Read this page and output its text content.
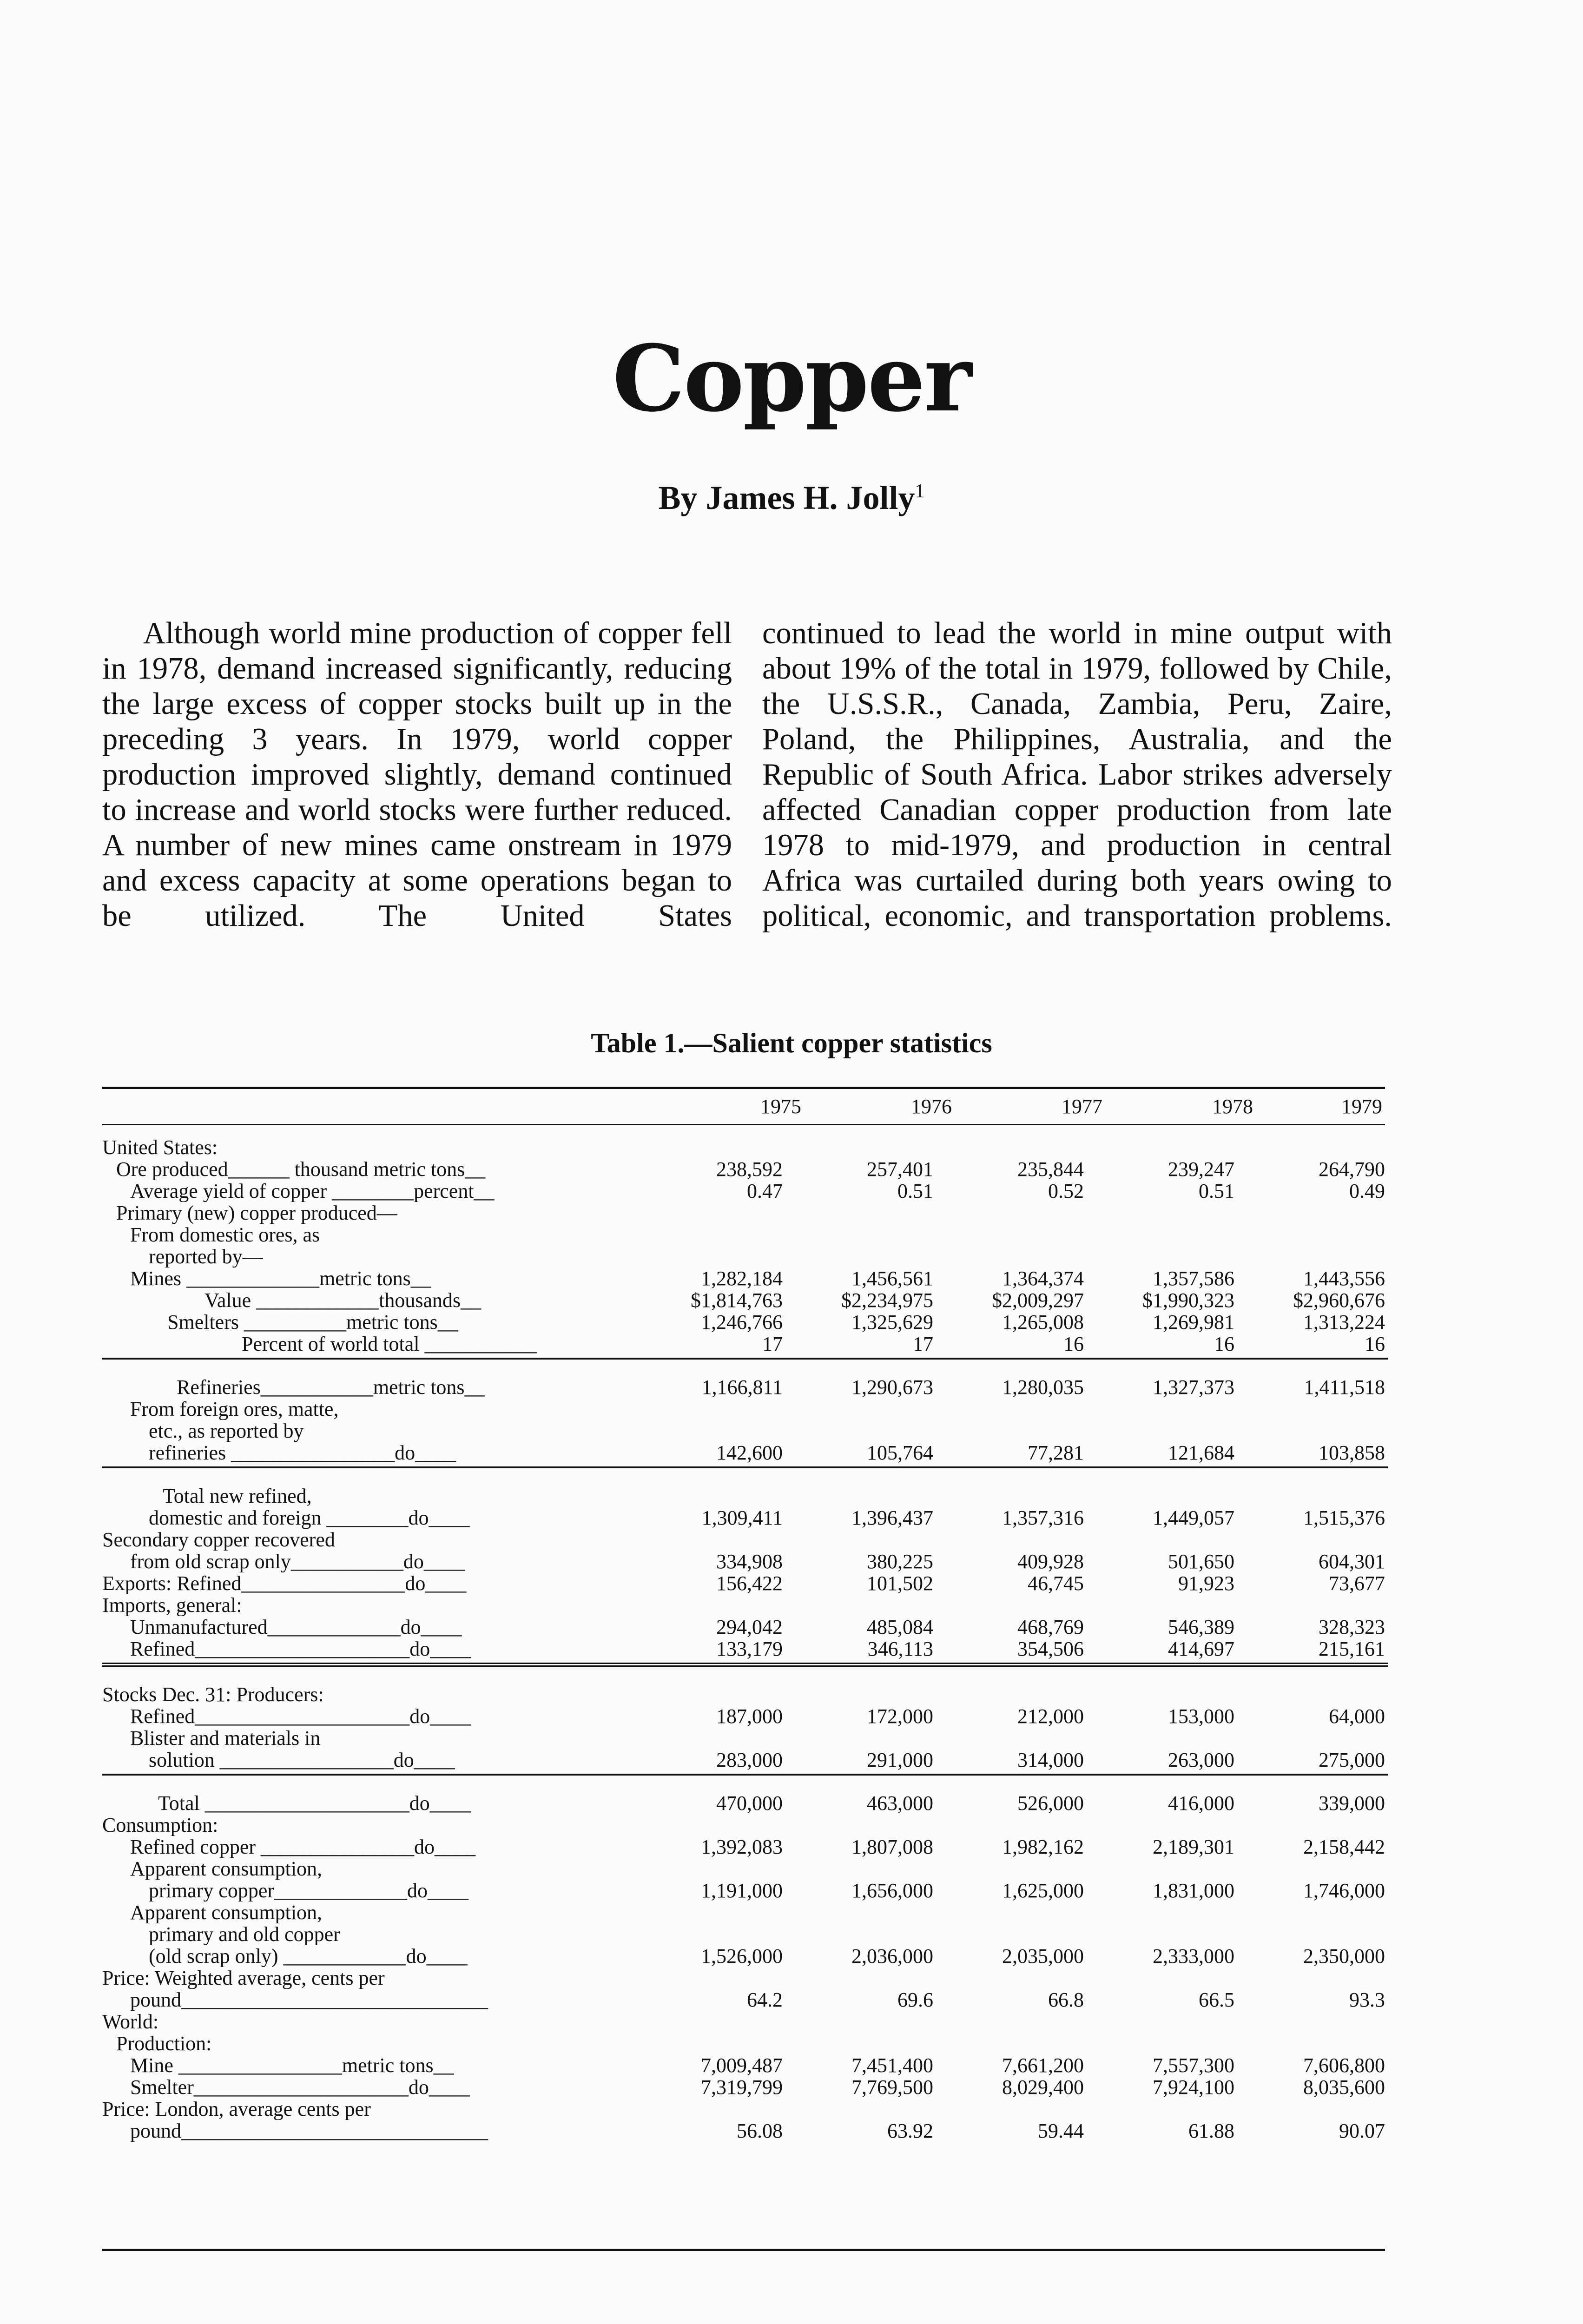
Copper
By James H. Jolly$^1$
Although world mine production of copper fell in 1978, demand increased significantly, reducing the large excess of copper stocks built up in the preceding 3 years. In 1979, world copper production improved slightly, demand continued to increase and world stocks were further reduced. A number of new mines came onstream in 1979 and excess capacity at some operations began to be utilized. The United States
continued to lead the world in mine output with about 19% of the total in 1979, followed by Chile, the U.S.S.R., Canada, Zambia, Peru, Zaire, Poland, the Philippines, Australia, and the Republic of South Africa. Labor strikes adversely affected Canadian copper production from late 1978 to mid-1979, and production in central Africa was curtailed during both years owing to political, economic, and transportation problems.
Table 1.—Salient copper statistics
1975	1976	1977	1978	1979
United States:					
Ore produced______ thousand metric tons__	238,592	257,401	235,844	239,247	264,790
Average yield of copper ________percent__	0.47	0.51	0.52	0.51	0.49
Primary (new) copper produced—					
From domestic ores, as					
reported by—					
Mines _____________metric tons__	1,282,184	1,456,561	1,364,374	1,357,586	1,443,556
Value ____________thousands__	$1,814,763	$2,234,975	$2,009,297	$1,990,323	$2,960,676
Smelters __________metric tons__	1,246,766	1,325,629	1,265,008	1,269,981	1,313,224
Percent of world total ___________	17	17	16	16	16
Refineries___________metric tons__	1,166,811	1,290,673	1,280,035	1,327,373	1,411,518
From foreign ores, matte,					
etc., as reported by					
refineries ________________do____	142,600	105,764	77,281	121,684	103,858
Total new refined,					
domestic and foreign ________do____	1,309,411	1,396,437	1,357,316	1,449,057	1,515,376
Secondary copper recovered					
from old scrap only___________do____	334,908	380,225	409,928	501,650	604,301
Exports: Refined________________do____	156,422	101,502	46,745	91,923	73,677
Imports, general:					
Unmanufactured_____________do____	294,042	485,084	468,769	546,389	328,323
Refined_____________________do____	133,179	346,113	354,506	414,697	215,161
Stocks Dec. 31: Producers:					
Refined_____________________do____	187,000	172,000	212,000	153,000	64,000
Blister and materials in					
solution _________________do____	283,000	291,000	314,000	263,000	275,000
Total ____________________do____	470,000	463,000	526,000	416,000	339,000
Consumption:					
Refined copper _______________do____	1,392,083	1,807,008	1,982,162	2,189,301	2,158,442
Apparent consumption,					
primary copper_____________do____	1,191,000	1,656,000	1,625,000	1,831,000	1,746,000
Apparent consumption,					
primary and old copper					
(old scrap only) ____________do____	1,526,000	2,036,000	2,035,000	2,333,000	2,350,000
Price: Weighted average, cents per					
pound______________________________	64.2	69.6	66.8	66.5	93.3
World:					
Production:					
Mine ________________metric tons__	7,009,487	7,451,400	7,661,200	7,557,300	7,606,800
Smelter_____________________do____	7,319,799	7,769,500	8,029,400	7,924,100	8,035,600
Price: London, average cents per					
pound______________________________	56.08	63.92	59.44	61.88	90.07
